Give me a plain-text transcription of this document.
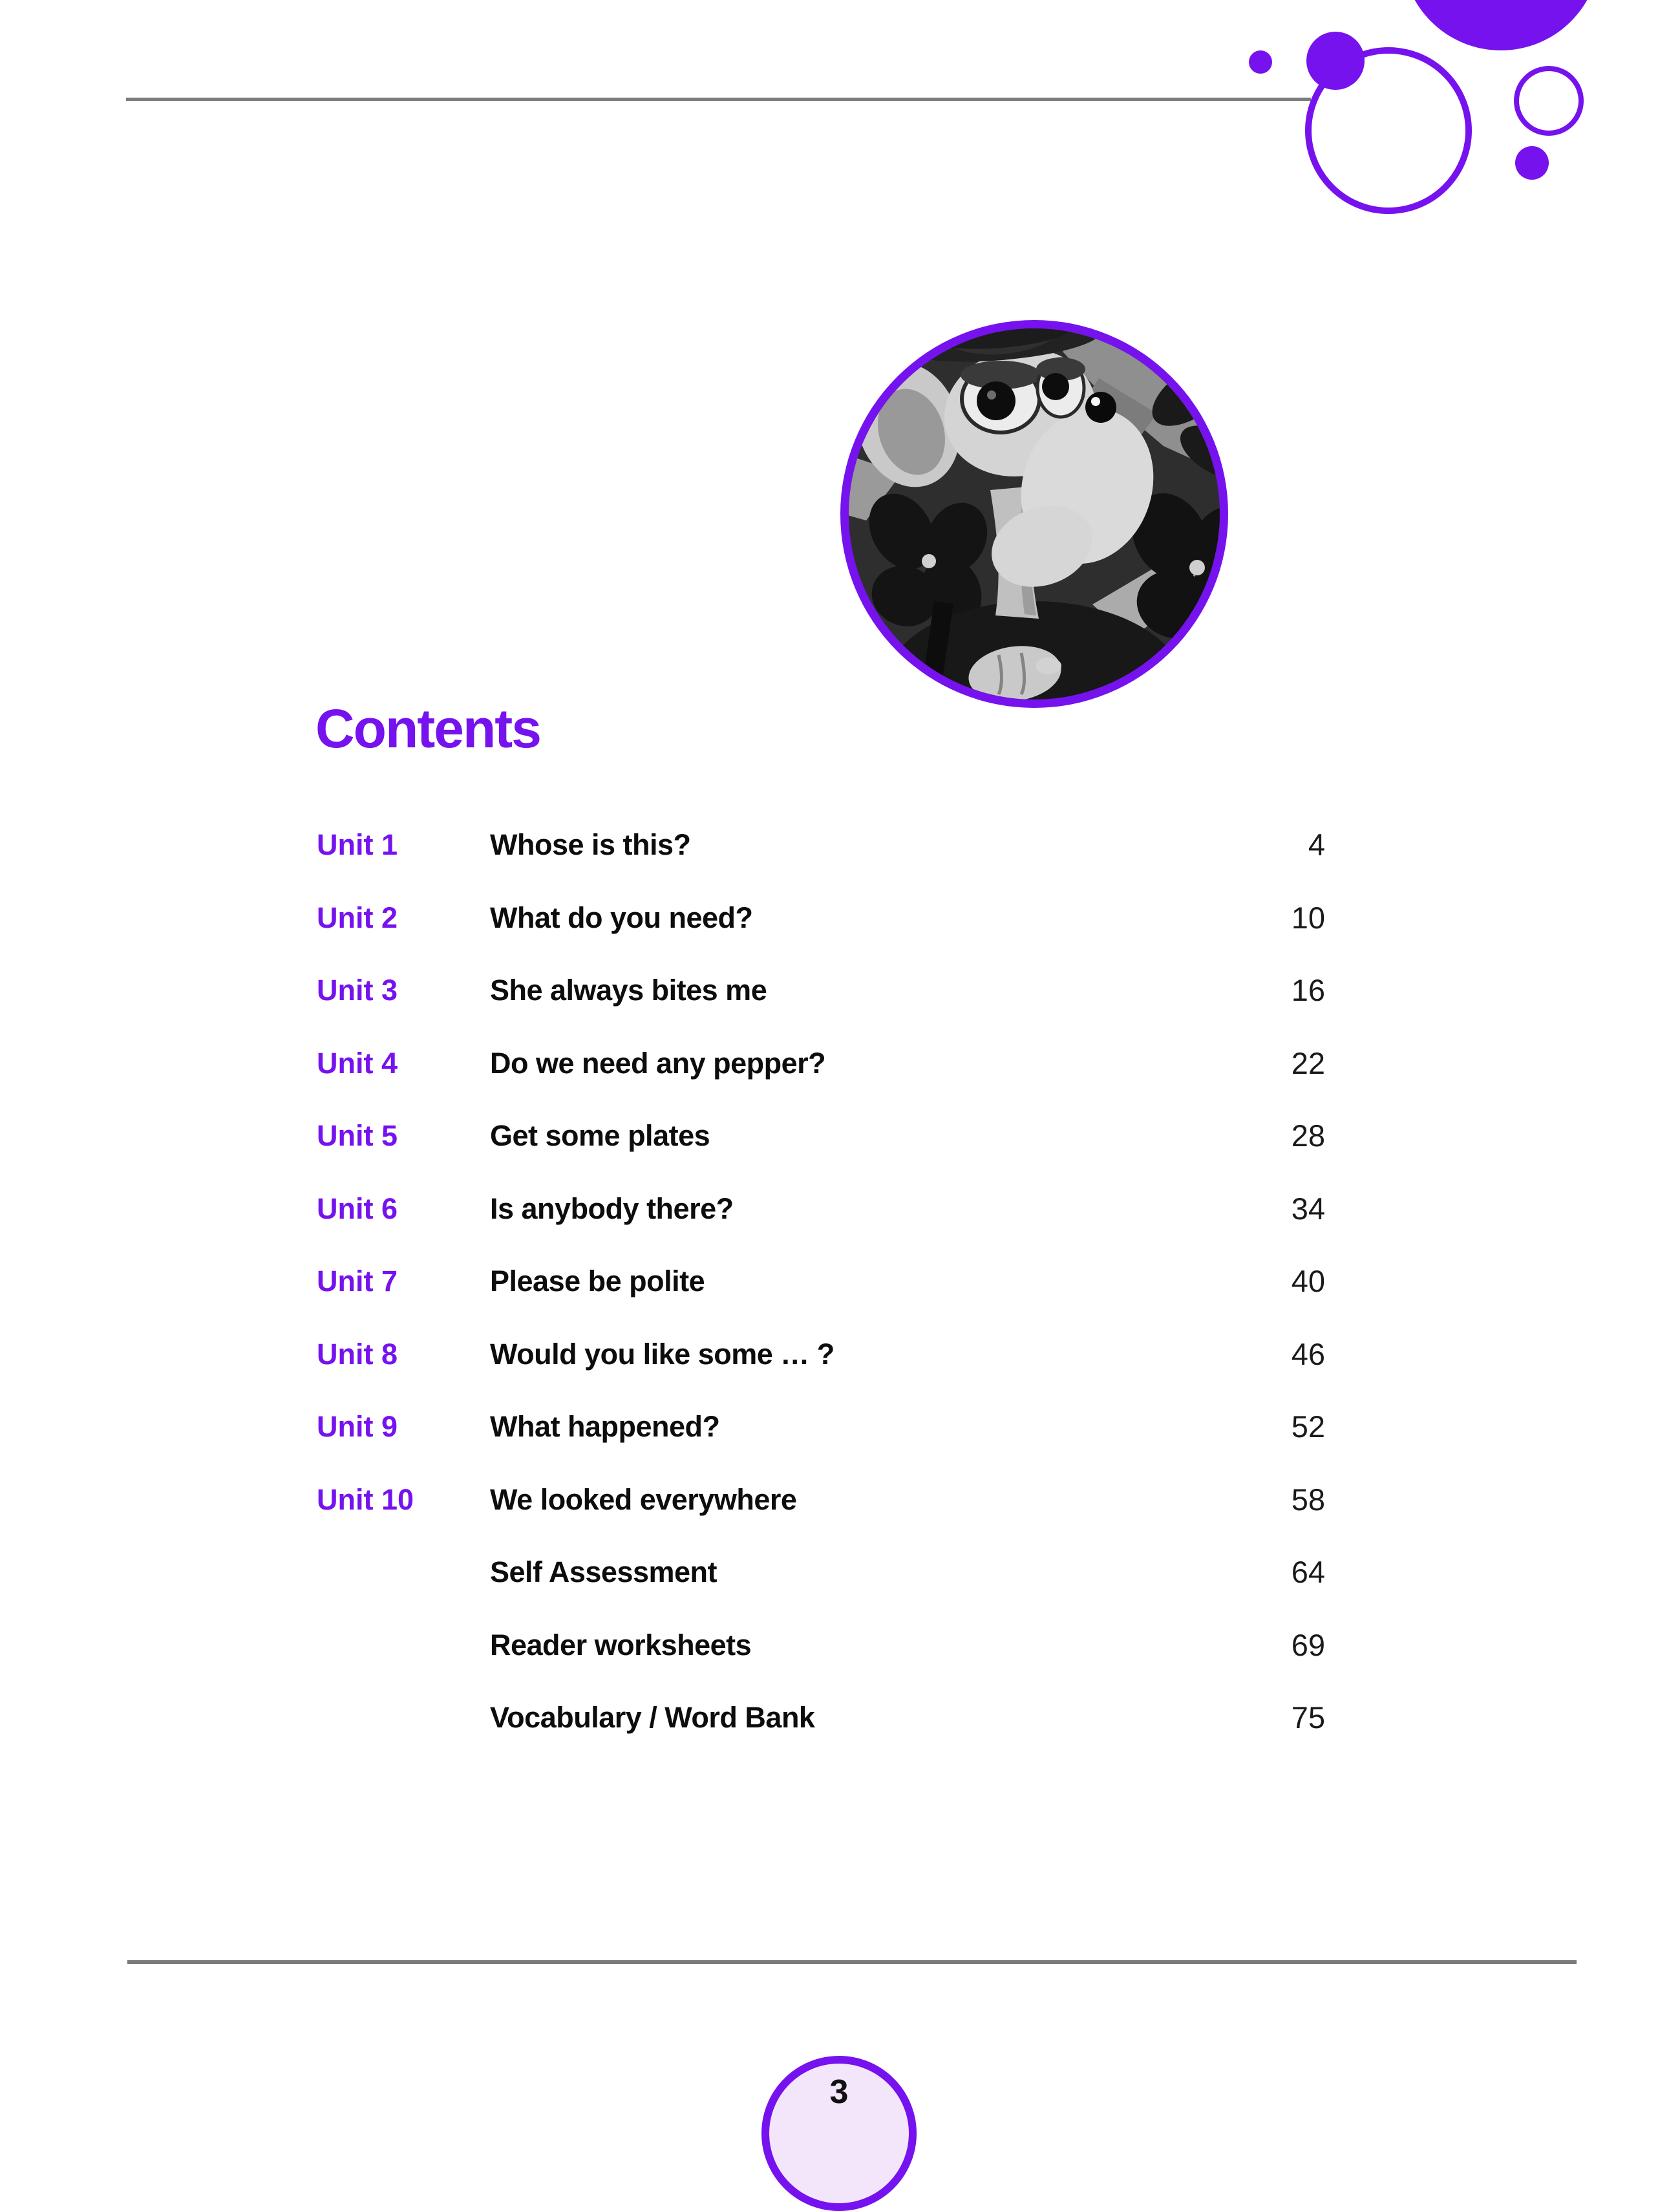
Contents
Unit 1	Whose is this?	4
Unit 2	What do you need?	10
Unit 3	She always bites me	16
Unit 4	Do we need any pepper?	22
Unit 5	Get some plates	28
Unit 6	Is anybody there?	34
Unit 7	Please be polite	40
Unit 8	Would you like some … ?	46
Unit 9	What happened?	52
Unit 10	We looked everywhere	58
Self Assessment	64
Reader worksheets	69
Vocabulary / Word Bank	75
3
